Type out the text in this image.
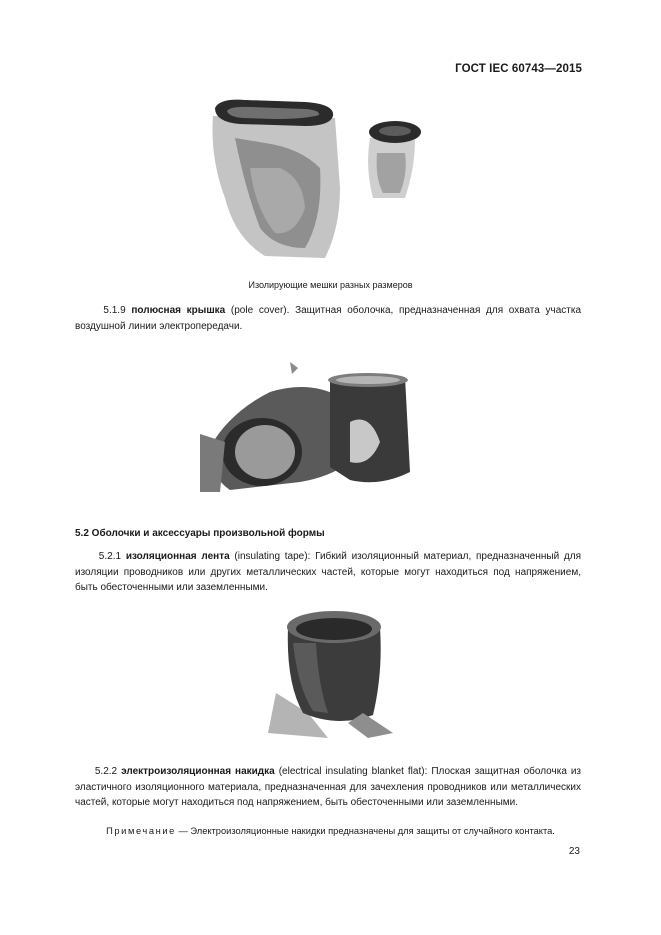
ГОСТ IEC 60743—2015
Изолирующие мешки разных размеров

5.1.9 полюсная крышка (pole cover). Защитная оболочка, предназначенная для охвата участка воздушной линии электропередачи.

5.2 Оболочки и аксессуары произвольной формы

5.2.1 изоляционная лента (insulating tape): Гибкий изоляционный материал, предназначенный для изоляции проводников или других металлических частей, которые могут находиться под напряжением, быть обесточенными или заземленными.

5.2.2 электроизоляционная накидка (electrical insulating blanket flat): Плоская защитная оболочка из эластичного изоляционного материала, предназначенная для зачехления проводников или металлических частей, которые могут находиться под напряжением, быть обесточенными или заземленными.

Примечание — Электроизоляционные накидки предназначены для защиты от случайного контакта.
23
